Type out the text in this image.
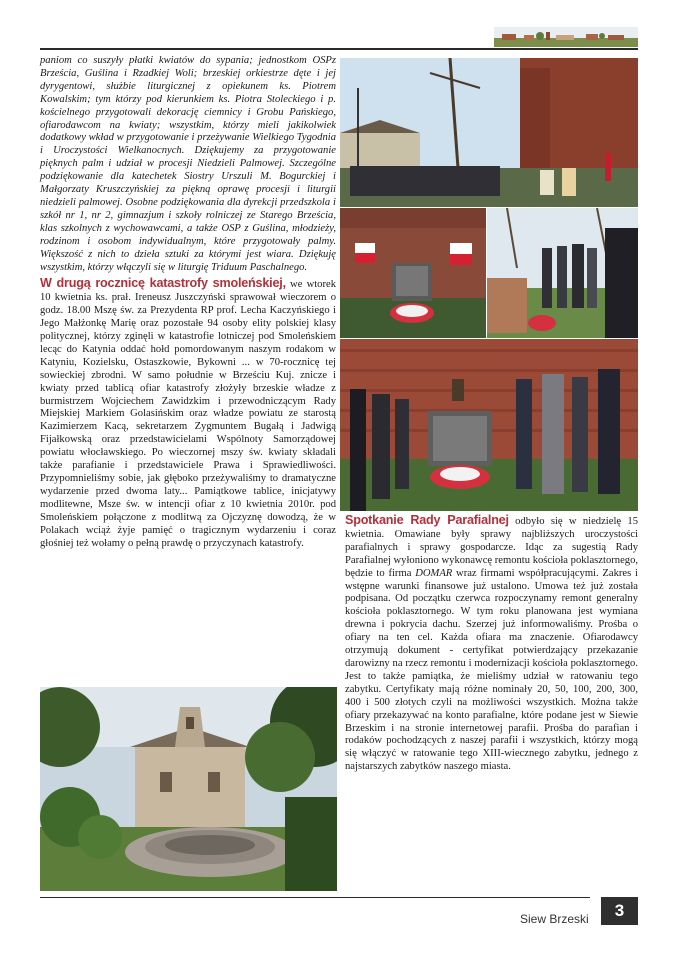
paniom co suszyły płatki kwiatów do sypania; jednostkom OSPz Brześcia, Guślina i Rzadkiej Woli; brzeskiej orkiestrze dęte i jej dyrygentowi, służbie liturgicznej z opiekunem ks. Piotrem Kowalskim; tym którzy pod kierunkiem ks. Piotra Stoleckiego i p. kościelnego przygotowali dekorację ciemnicy i Grobu Pańskiego, ofiarodawcom na kwiaty; wszystkim, którzy mieli jakikolwiek dodatkowy wkład w przygotowanie i przeżywanie Wielkiego Tygodnia i Uroczystości Wielkanocnych. Dziękujemy za przygotowanie pięknych palm i udział w procesji Niedzieli Palmowej. Szczególne podziękowanie dla katechetek Siostry Urszuli M. Bogurckiej i Małgorzaty Kruszczyńskiej za piękną oprawę procesji i liturgii niedzieli palmowej. Osobne podziękowania dla dyrekcji przedszkola i szkół nr 1, nr 2, gimnazjum i szkoły rolniczej ze Starego Brześcia, klas szkolnych z wychowawcami, a także OSP z Guślina, młodzieży, rodzinom i osobom indywidualnym, które przygotowały palmy. Większość z nich to dzieła sztuki za którymi jest wiara. Dziękuję wszystkim, którzy włączyli się w liturgię Triduum Paschalnego.

W drugą rocznicę katastrofy smoleńskiej, we wtorek 10 kwietnia ks. prał. Ireneusz Juszczyński sprawował wieczorem o godz. 18.00 Mszę św. za Prezydenta RP prof. Lecha Kaczyńskiego i Jego Małżonkę Marię oraz pozostałe 94 osoby elity polskiej klasy politycznej, którzy zginęli w katastrofie lotniczej pod Smoleńskiem lecąc do Katynia oddać hołd pomordowanym naszym rodakom w Katyniu, Kozielsku, Ostaszkowie, Bykowni ... w 70-rocznicę tej sowieckiej zbrodni. W samo południe w Brześciu Kuj. znicze i kwiaty przed tablicą ofiar katastrofy złożyły brzeskie władze z burmistrzem Wojciechem Zawidzkim i przewodniczącym Rady Miejskiej Markiem Golasińskim oraz władze powiatu ze starostą Kazimierzem Kacą, sekretarzem Zygmuntem Bugałą i Jadwigą Fijałkowską oraz przedstawicielami Wspólnoty Samorządowej powiatu włocławskiego. Po wieczornej mszy św. kwiaty składali także parafianie i przedstawiciele Prawa i Sprawiedliwości. Przypomnieliśmy sobie, jak głęboko przeżywaliśmy to dramatyczne wydarzenie przed dwoma laty... Pamiątkowe tablice, inicjatywy modlitewne, Msze św. w intencji ofiar z 10 kwietnia 2010r. pod Smoleńskiem połączone z modlitwą za Ojczyznę dowodzą, że w Polakach wciąż żyje pamięć o tragicznym wydarzeniu i coraz głośniej też wołamy o pełną prawdę o przyczynach katastrofy.

Spotkanie Rady Parafialnej odbyło się w niedzielę 15 kwietnia. Omawiane były sprawy najbliższych uroczystości parafialnych i sprawy gospodarcze. Idąc za sugestią Rady Parafialnej wyłoniono wykonawcę remontu kościoła poklasztornego, będzie to firma DOMAR wraz firmami współpracującymi. Zakres i wstępne warunki finansowe już ustalono. Umowa też już została podpisana. Od początku czerwca rozpoczynamy remont generalny kościoła poklasztornego. W tym roku planowana jest wymiana drewna i pokrycia dachu. Szerzej już informowaliśmy. Prośba o ofiary na ten cel. Każda ofiara ma znaczenie. Ofiarodawcy otrzymują dokument - certyfikat potwierdzający przekazanie darowizny na rzecz remontu i modernizacji kościoła poklasztornego. Jest to także pamiątka, że mieliśmy udział w ratowaniu tego zabytku. Certyfikaty mają różne nominały 20, 50, 100, 200, 300, 400 i 500 złotych czyli na możliwości wszystkich. Można także ofiary przekazywać na konto parafialne, które podane jest w Siewie Brzeskim i na stronie internetowej parafii. Prośba do parafian i rodaków pochodzących z naszej parafii i wszystkich, którzy mogą się włączyć w ratowanie tego XIII-wiecznego zabytku, jednego z najstarszych zabytków naszego miasta.

Siew Brzeski	3
